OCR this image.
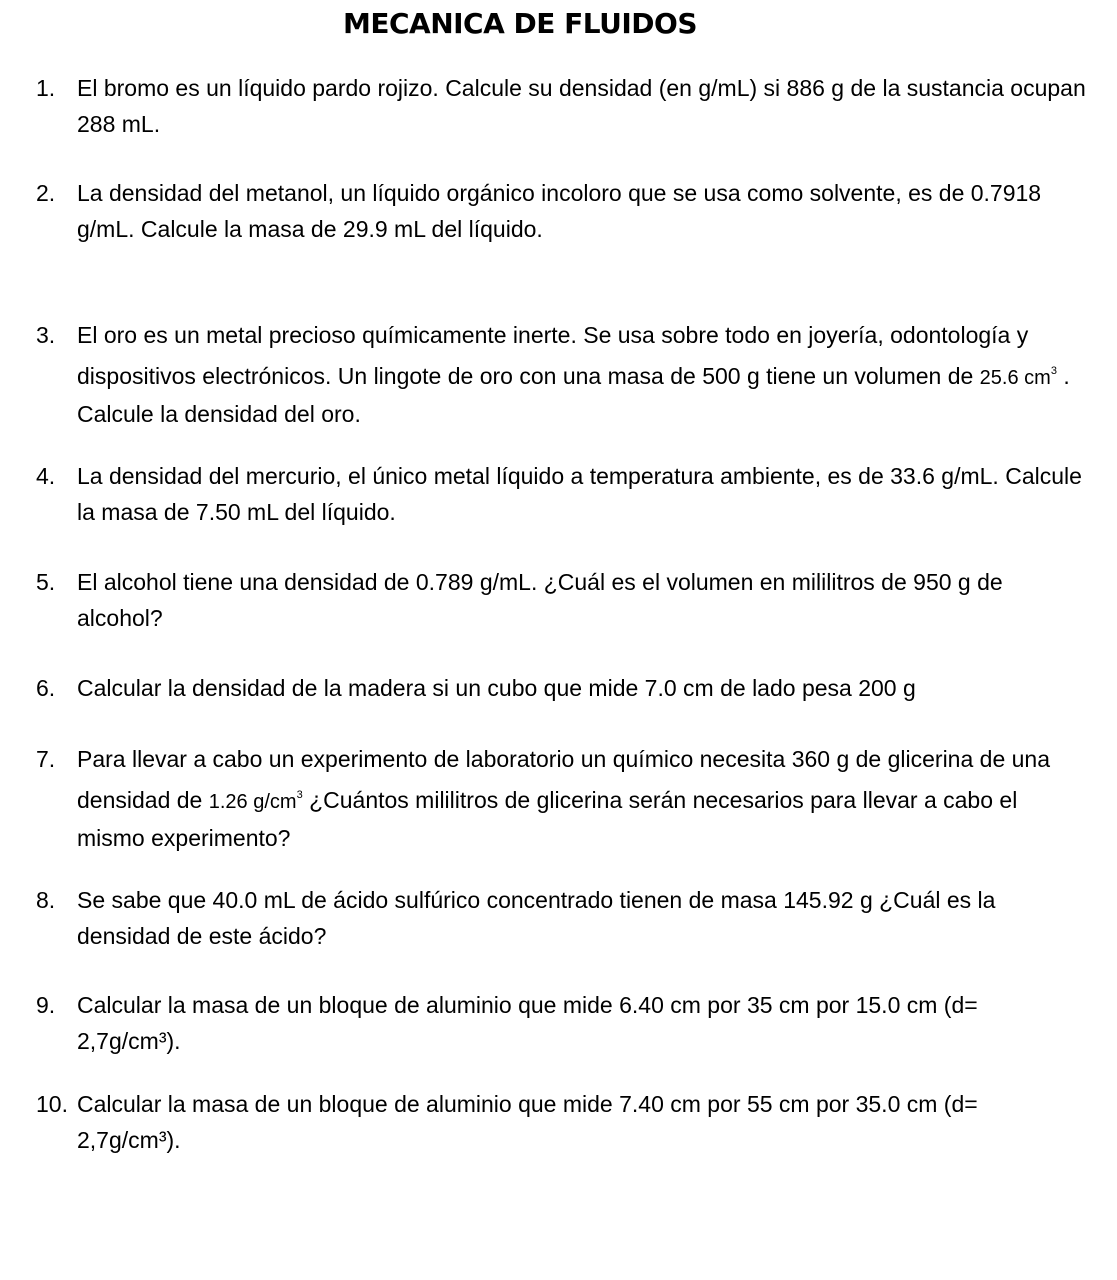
MECANICA DE FLUIDOS
1. El bromo es un líquido pardo rojizo. Calcule su densidad (en g/mL) si 886 g de la sustancia ocupan 288 mL.
2. La densidad del metanol, un líquido orgánico incoloro que se usa como solvente, es de 0.7918 g/mL. Calcule la masa de 29.9 mL del líquido.
3. El oro es un metal precioso químicamente inerte. Se usa sobre todo en joyería, odontología y dispositivos electrónicos. Un lingote de oro con una masa de 500 g tiene un volumen de 25.6 $cm^3$ . Calcule la densidad del oro.
4. La densidad del mercurio, el único metal líquido a temperatura ambiente, es de 33.6 g/mL. Calcule la masa de 7.50 mL del líquido.
5. El alcohol tiene una densidad de 0.789 g/mL. ¿Cuál es el volumen en mililitros de 950 g de alcohol?
6. Calcular la densidad de la madera si un cubo que mide 7.0 cm de lado pesa 200 g
7. Para llevar a cabo un experimento de laboratorio un químico necesita 360 g de glicerina de una densidad de 1.26 $g/cm^3$ ¿Cuántos mililitros de glicerina serán necesarios para llevar a cabo el mismo experimento?
8. Se sabe que 40.0 mL de ácido sulfúrico concentrado tienen de masa 145.92 g ¿Cuál es la densidad de este ácido?
9. Calcular la masa de un bloque de aluminio que mide 6.40 cm por 35 cm por 15.0 cm (d= 2,7g/cm³).
10. Calcular la masa de un bloque de aluminio que mide 7.40 cm por 55 cm por 35.0 cm (d= 2,7g/cm³).
